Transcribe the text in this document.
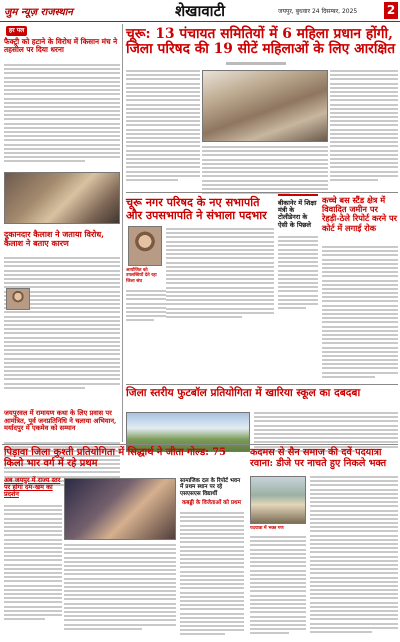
जुम न्यूज़ राजस्थान	शेखावाटी	जयपुर, बुधवार 24 दिसम्बर, 2025 2
हर पल
फैक्ट्री को हटाने के विरोध में किसान मंच ने तहसील पर दिया धरना
दुकानदार कैलाश ने जताया विरोध, कैलाश ने बताए कारण
जयपुरवल में रामायण कथा के लिए प्रवास पर आमंत्रित, पूर्व जनप्रतिनिधि ने चलाया अभियान, मर्यादपुर में एकमेव को सम्मान
चूरू: 13 पंचायत समितियों में 6 महिला प्रधान होंगी, जिला परिषद की 19 सीटें महिलाओं के लिए आरक्षित
चूरू नगर परिषद के नए सभापति और उपसभापति ने संभाला पदभार
आयोजित को उपलब्धियों देते रहा जिला संघ
बीकानेर में शिक्षा मंत्री के टोलीडेनरा के ऐसी के पिछले
कच्चे बस स्टैंड क्षेत्र में विवादित जमीन पर रेहड़ी-ठेले रिपोर्ट करने पर कोर्ट में लगाई रोक
जिला स्तरीय फुटबॉल प्रतियोगिता में खारिया स्कूल का दबदबा
पिड़ावा जिला कुश्ती प्रतियोगिता में सिद्धार्थ ने जीता गोल्ड: 75 किलो भार वर्ग में रहे प्रथम
अब जयपुर में राज्य स्तर पर होगा दम-खम का प्रदर्शन
सामाजिक दल के रिपोर्ट भवन में प्रथम स्थान पर रहे एसएसएस विद्यार्थी
कबड्डी के विजेताओं को प्रथम
कदमस से सैन समाज की दवें पदयात्रा रवाना: डीजे पर नाचते हुए निकले भक्त
पदयात्रा में भक्त गण
